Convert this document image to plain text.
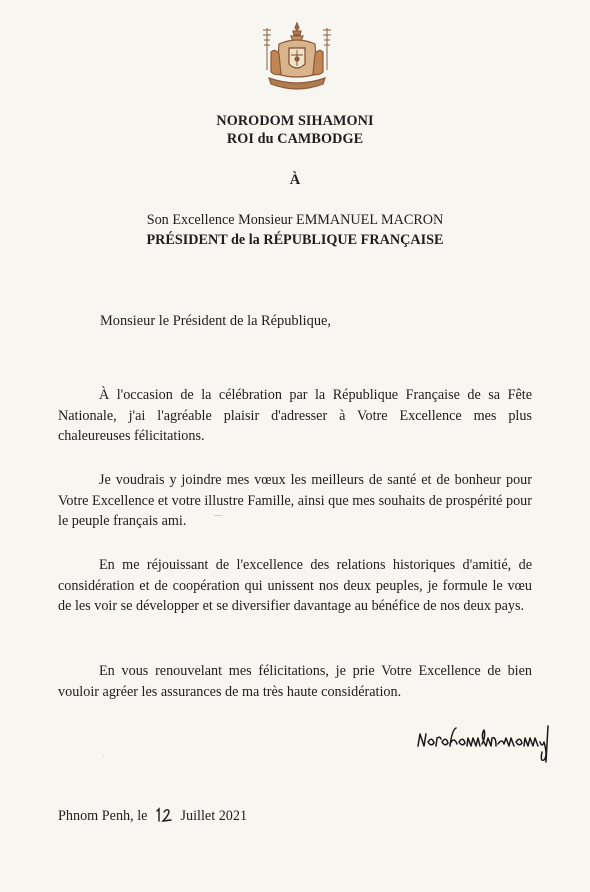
NORODOM SIHAMONI
ROI du CAMBODGE
À
Son Excellence Monsieur EMMANUEL MACRON
PRÉSIDENT de la RÉPUBLIQUE FRANÇAISE
Monsieur le Président de la République,

À l'occasion de la célébration par la République Française de sa Fête Nationale, j'ai l'agréable plaisir d'adresser à Votre Excellence mes plus chaleureuses félicitations.

Je voudrais y joindre mes vœux les meilleurs de santé et de bonheur pour Votre Excellence et votre illustre Famille, ainsi que mes souhaits de prospérité pour le peuple français ami.

En me réjouissant de l'excellence des relations historiques d'amitié, de considération et de coopération qui unissent nos deux peuples, je formule le vœu de les voir se développer et se diversifier davantage au bénéfice de nos deux pays.

En vous renouvelant mes félicitations, je prie Votre Excellence de bien vouloir agréer les assurances de ma très haute considération.

Norodom Sihamoni
Phnom Penh, le
12
Juillet 2021
